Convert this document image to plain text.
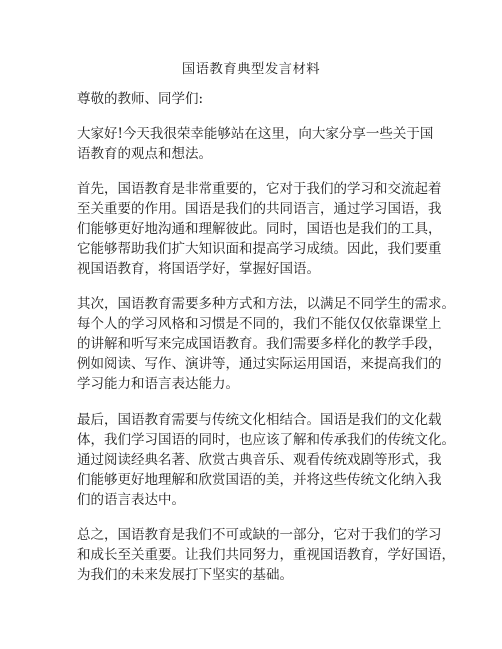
国语教育典型发言材料
尊敬的教师、同学们:
大家好!今天我很荣幸能够站在这里，向大家分享一些关于国
语教育的观点和想法。
首先，国语教育是非常重要的，它对于我们的学习和交流起着
至关重要的作用。国语是我们的共同语言，通过学习国语，我
们能够更好地沟通和理解彼此。同时，国语也是我们的工具，
它能够帮助我们扩大知识面和提高学习成绩。因此，我们要重
视国语教育，将国语学好，掌握好国语。
其次，国语教育需要多种方式和方法，以满足不同学生的需求。
每个人的学习风格和习惯是不同的，我们不能仅仅依靠课堂上
的讲解和听写来完成国语教育。我们需要多样化的教学手段，
例如阅读、写作、演讲等，通过实际运用国语，来提高我们的
学习能力和语言表达能力。
最后，国语教育需要与传统文化相结合。国语是我们的文化载
体，我们学习国语的同时，也应该了解和传承我们的传统文化。
通过阅读经典名著、欣赏古典音乐、观看传统戏剧等形式，我
们能够更好地理解和欣赏国语的美，并将这些传统文化纳入我
们的语言表达中。
总之，国语教育是我们不可或缺的一部分，它对于我们的学习
和成长至关重要。让我们共同努力，重视国语教育，学好国语，
为我们的未来发展打下坚实的基础。
